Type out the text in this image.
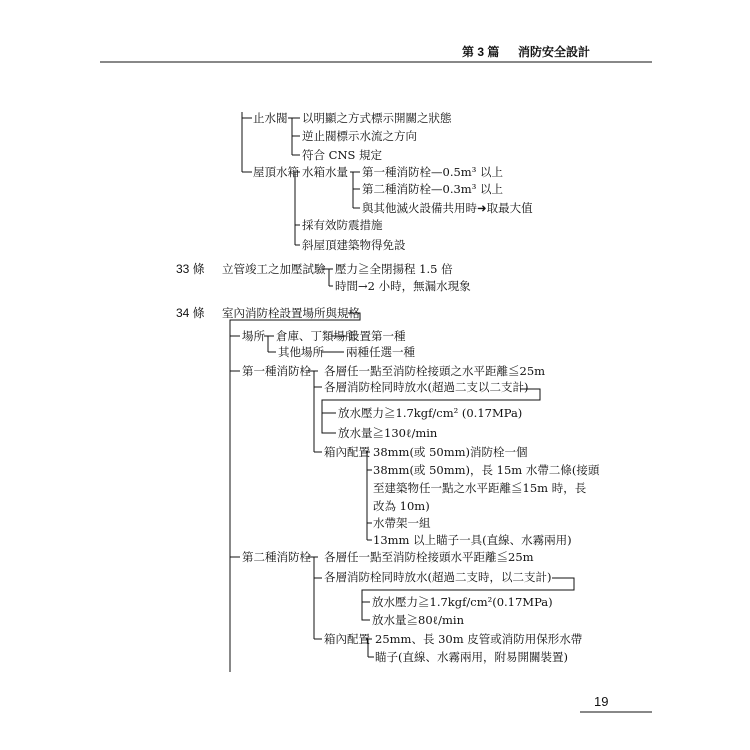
第 3 篇 消防安全設計
止水閥 以明顯之方式標示開關之狀態
逆止閥標示水流之方向
符合 CNS 規定
屋頂水箱 水箱水量 第一種消防栓—0.5m³ 以上
第二種消防栓—0.3m³ 以上
與其他滅火設備共用時➜取最大值
採有效防震措施
斜屋頂建築物得免設
33 條 立管竣工之加壓試驗 壓力≧全閉揚程 1.5 倍
時間→2 小時，無漏水現象
34 條 室內消防栓設置場所與規格
場所 倉庫、丁類場所
設置第一種
其他場所 兩種任選一種
第一種消防栓 各層任一點至消防栓接頭之水平距離≦25m
各層消防栓同時放水(超過二支以二支計)
放水壓力≧1.7kgf/cm² (0.17MPa)
放水量≧130ℓ/min
箱內配置 38mm(或 50mm)消防栓一個
38mm(或 50mm)，長 15m 水帶二條(接頭
至建築物任一點之水平距離≦15m 時，長
改為 10m)
水帶架一組
13mm 以上瞄子一具(直線、水霧兩用)
第二種消防栓 各層任一點至消防栓接頭水平距離≦25m
各層消防栓同時放水(超過二支時，以二支計)
放水壓力≧1.7kgf/cm²(0.17MPa)
放水量≧80ℓ/min
箱內配置 25mm、長 30m 皮管或消防用保形水帶
瞄子(直線、水霧兩用，附易開關裝置)
19
